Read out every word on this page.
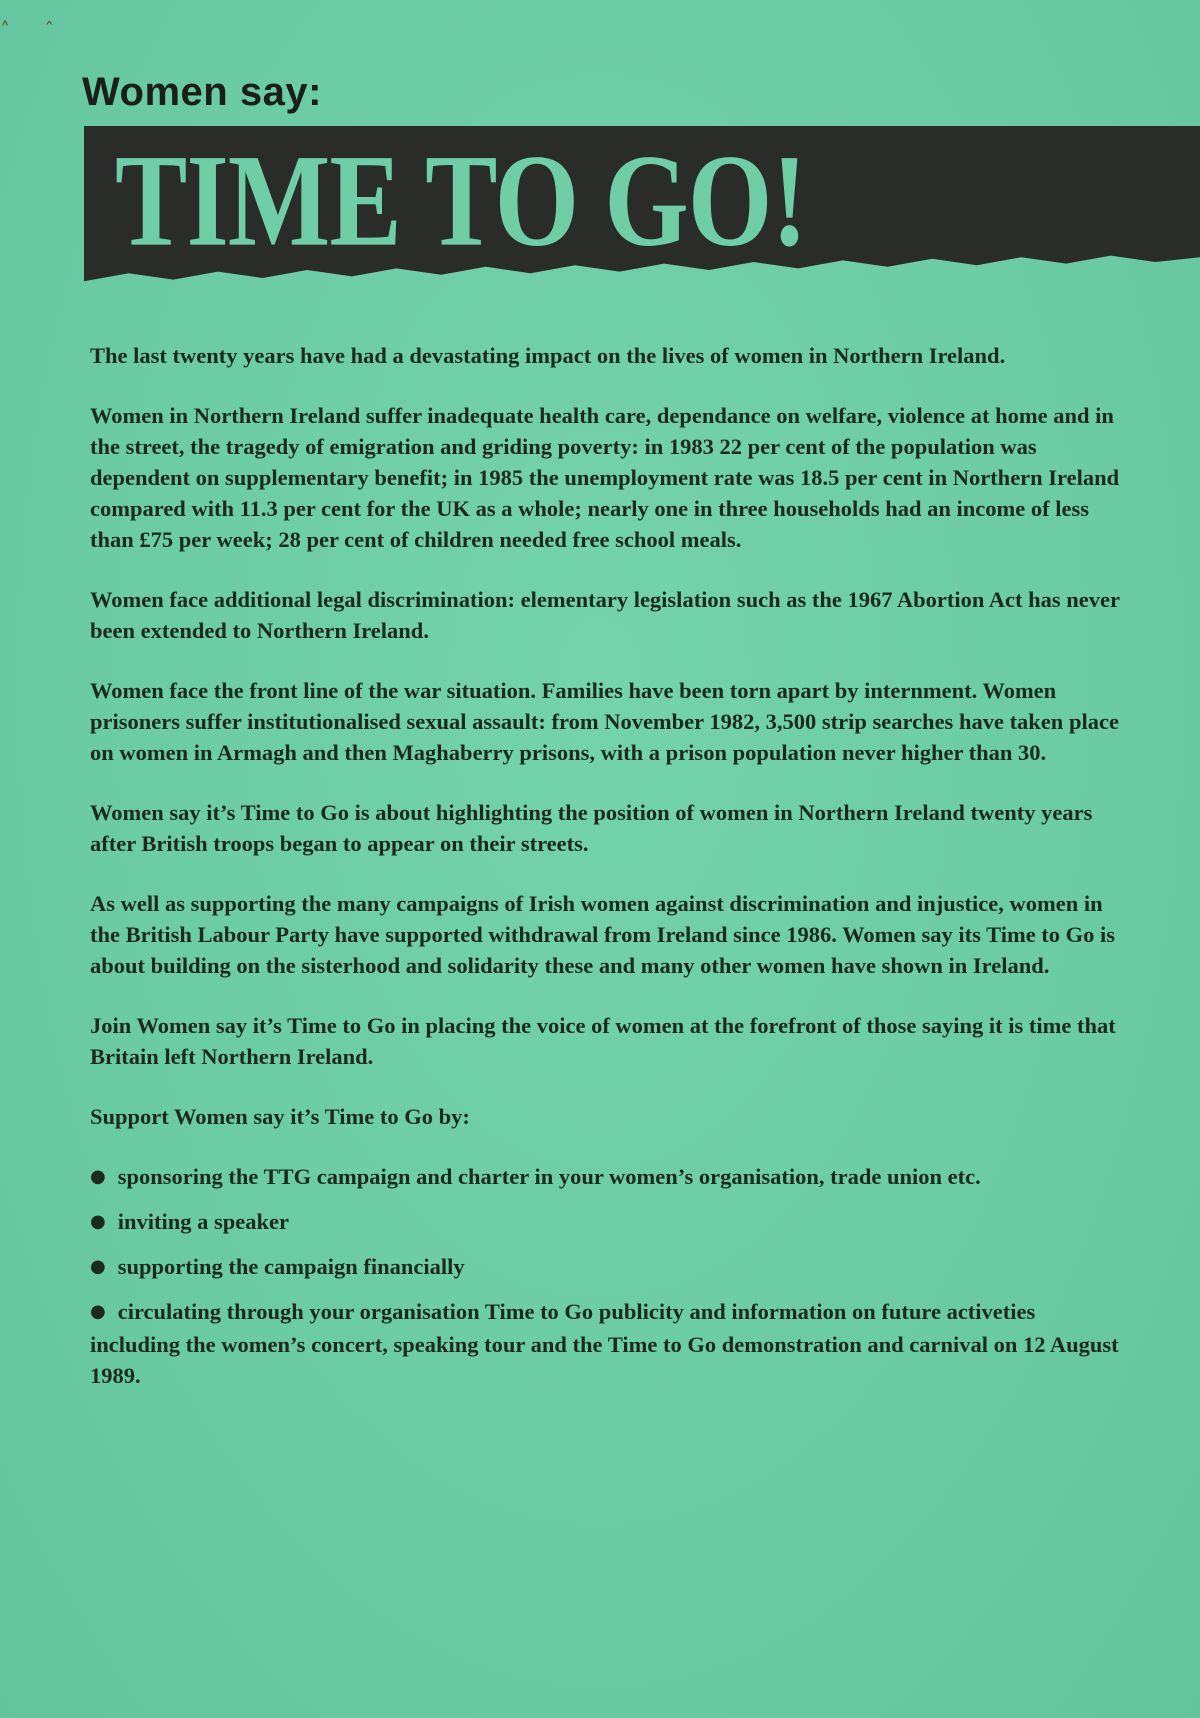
˄ ˆ
Women say:
TIME TO GO!

The last twenty years have had a devastating impact on the lives of women in Northern Ireland.

Women in Northern Ireland suffer inadequate health care, dependance on welfare, violence at home and in the street, the tragedy of emigration and griding poverty: in 1983 22 per cent of the population was dependent on supplementary benefit; in 1985 the unemployment rate was 18.5 per cent in Northern Ireland compared with 11.3 per cent for the UK as a whole; nearly one in three households had an income of less than £75 per week; 28 per cent of children needed free school meals.

Women face additional legal discrimination: elementary legislation such as the 1967 Abortion Act has never been extended to Northern Ireland.

Women face the front line of the war situation. Families have been torn apart by internment. Women prisoners suffer institutionalised sexual assault: from November 1982, 3,500 strip searches have taken place on women in Armagh and then Maghaberry prisons, with a prison population never higher than 30.

Women say it’s Time to Go is about highlighting the position of women in Northern Ireland twenty years after British troops began to appear on their streets.

As well as supporting the many campaigns of Irish women against discrimination and injustice, women in the British Labour Party have supported withdrawal from Ireland since 1986. Women say its Time to Go is about building on the sisterhood and solidarity these and many other women have shown in Ireland.

Join Women say it’s Time to Go in placing the voice of women at the forefront of those saying it is time that Britain left Northern Ireland.

Support Women say it’s Time to Go by:

● sponsoring the TTG campaign and charter in your women’s organisation, trade union etc.
● inviting a speaker
● supporting the campaign financially
● circulating through your organisation Time to Go publicity and information on future activeties including the women’s concert, speaking tour and the Time to Go demonstration and carnival on 12 August 1989.
